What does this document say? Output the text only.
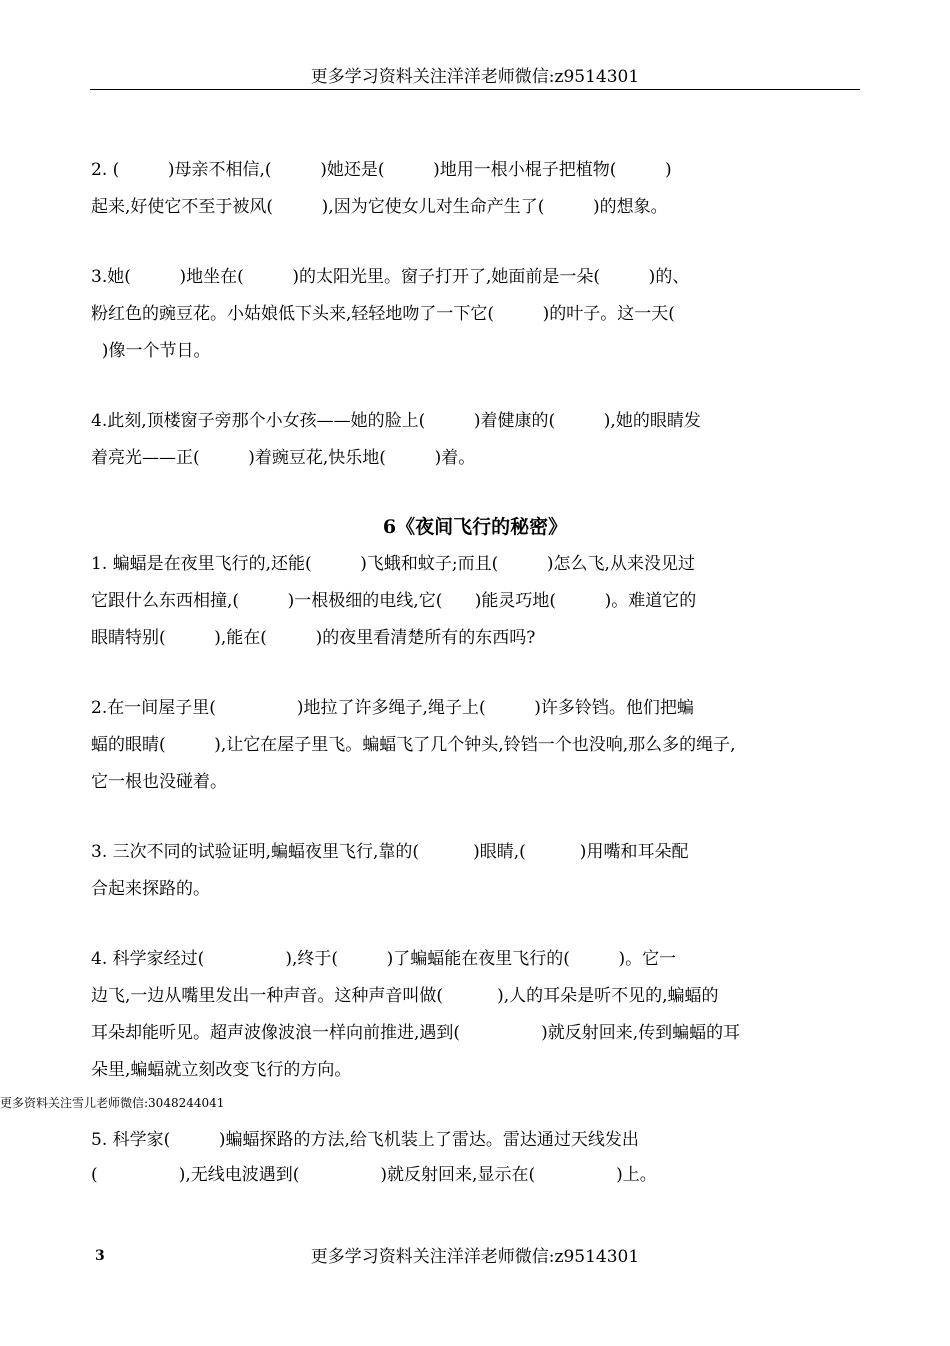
更多学习资料关注洋洋老师微信:z9514301
2. (         )母亲不相信,(         )她还是(         )地用一根小棍子把植物(         )
起来,好使它不至于被风(         ),因为它使女儿对生命产生了(         )的想象。
3.她(         )地坐在(         )的太阳光里。窗子打开了,她面前是一朵(         )的、
粉红色的豌豆花。小姑娘低下头来,轻轻地吻了一下它(         )的叶子。这一天(
)像一个节日。
4.此刻,顶楼窗子旁那个小女孩——她的脸上(         )着健康的(         ),她的眼睛发
着亮光——正(         )着豌豆花,快乐地(         )着。
6《夜间飞行的秘密》
1. 蝙蝠是在夜里飞行的,还能(         )飞蛾和蚊子;而且(         )怎么飞,从来没见过
它跟什么东西相撞,(         )一根极细的电线,它(      )能灵巧地(         )。难道它的
眼睛特别(         ),能在(         )的夜里看清楚所有的东西吗?
2.在一间屋子里(               )地拉了许多绳子,绳子上(         )许多铃铛。他们把蝙
蝠的眼睛(         ),让它在屋子里飞。蝙蝠飞了几个钟头,铃铛一个也没响,那么多的绳子,
它一根也没碰着。
3. 三次不同的试验证明,蝙蝠夜里飞行,靠的(          )眼睛,(          )用嘴和耳朵配
合起来探路的。
4. 科学家经过(               ),终于(         )了蝙蝠能在夜里飞行的(         )。它一
边飞,一边从嘴里发出一种声音。这种声音叫做(          ),人的耳朵是听不见的,蝙蝠的
耳朵却能听见。超声波像波浪一样向前推进,遇到(               )就反射回来,传到蝙蝠的耳
朵里,蝙蝠就立刻改变飞行的方向。
更多资料关注雪儿老师微信:3048244041
5. 科学家(         )蝙蝠探路的方法,给飞机装上了雷达。雷达通过天线发出
(               ),无线电波遇到(               )就反射回来,显示在(               )上。
3	更多学习资料关注洋洋老师微信:z9514301
